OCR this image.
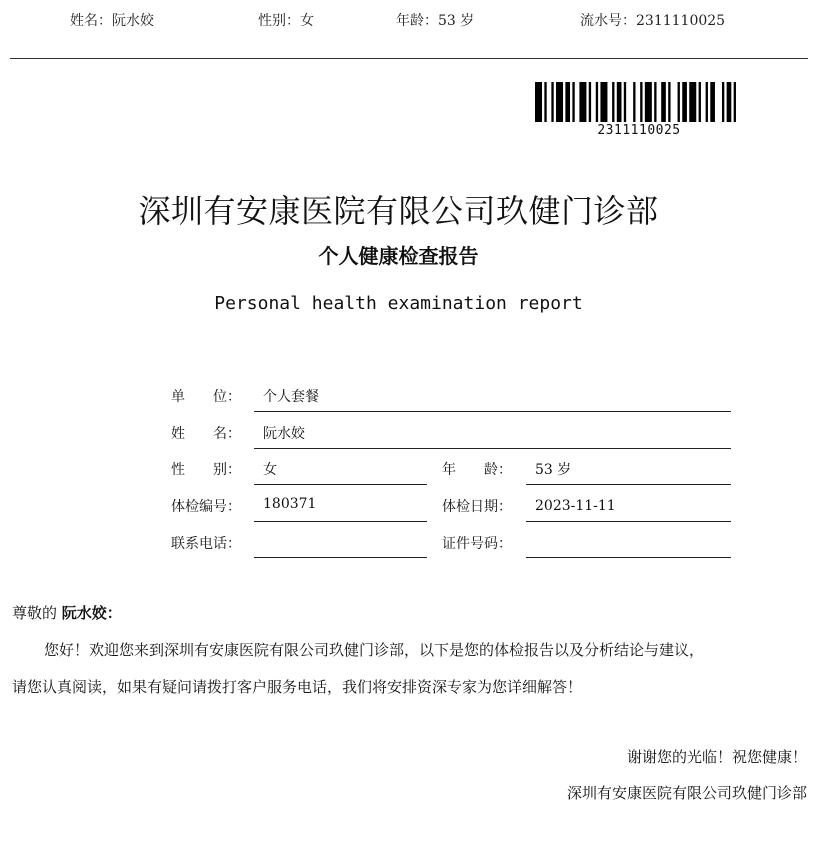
姓名：阮水姣	性别：女	年龄：53 岁	流水号：2311110025
2311110025
深圳有安康医院有限公司玖健门诊部
个人健康检查报告
Personal health examination report
单　　位： 个人套餐
姓　　名： 阮水姣
性　　别： 女	年　　龄： 53 岁
体检编号： 180371	体检日期： 2023-11-11
联系电话：	证件号码：
尊敬的 阮水姣：
您好！欢迎您来到深圳有安康医院有限公司玖健门诊部，以下是您的体检报告以及分析结论与建议，
请您认真阅读，如果有疑问请拨打客户服务电话，我们将安排资深专家为您详细解答！
谢谢您的光临！祝您健康！
深圳有安康医院有限公司玖健门诊部
